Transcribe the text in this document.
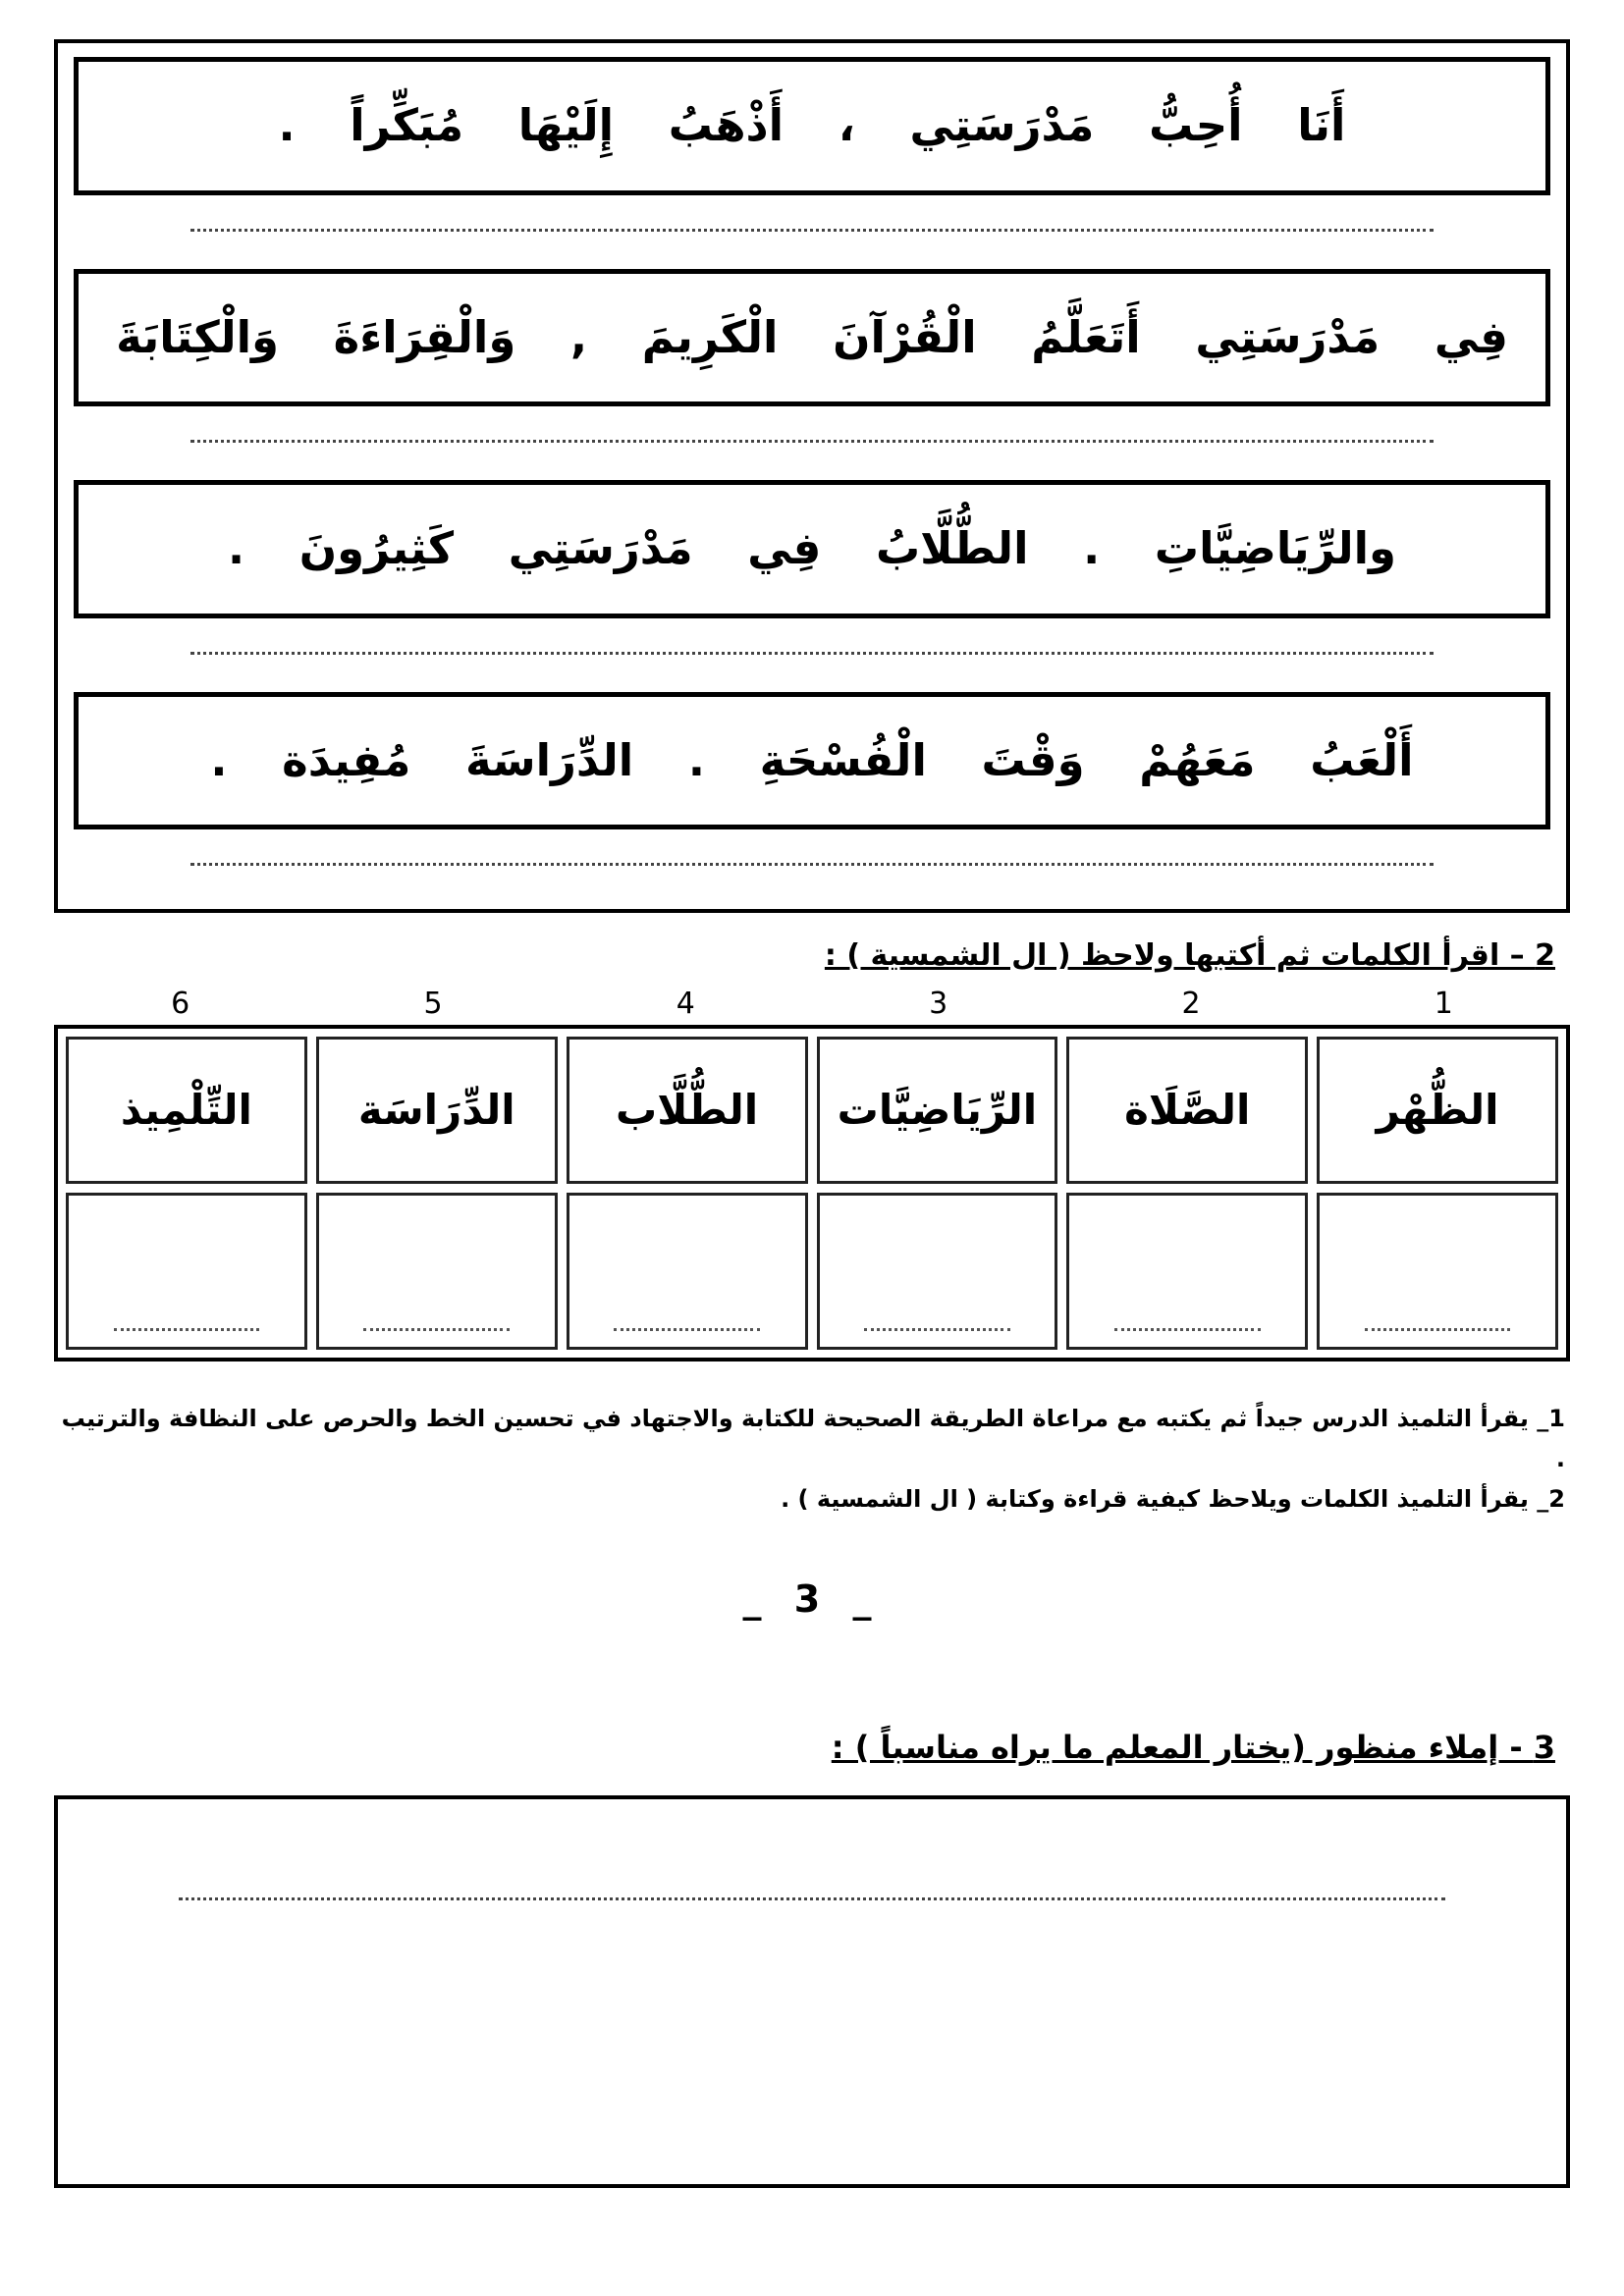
أَنَا أُحِبُّ مَدْرَسَتِي ، أَذْهَبُ إِلَيْهَا مُبَكِّراً .
فِي مَدْرَسَتِي أَتَعَلَّمُ الْقُرْآنَ الْكَرِيمَ , وَالْقِرَاءَةَ وَالْكِتَابَةَ
والرِّيَاضِيَّاتِ . الطُّلَّابُ فِي مَدْرَسَتِي كَثِيرُونَ .
أَلْعَبُ مَعَهُمْ وَقْتَ الْفُسْحَةِ . الدِّرَاسَةَ مُفِيدَة .
2 – اقرأ الكلمات ثم أكتبها ولاحظ ( ال الشمسية ) :
1
2
3
4
5
6
الظُّهْر
الصَّلَاة
الرِّيَاضِيَّات
الطُّلَّاب
الدِّرَاسَة
التِّلْمِيذ
1_ يقرأ التلميذ الدرس جيداً ثم يكتبه مع مراعاة الطريقة الصحيحة للكتابة والاجتهاد في تحسين الخط والحرص على النظافة والترتيب .
2_ يقرأ التلميذ الكلمات ويلاحظ كيفية قراءة وكتابة ( ال الشمسية ) .
_ 3 _
3 - إملاء منظور (يختار المعلم ما يراه مناسباً ) :
